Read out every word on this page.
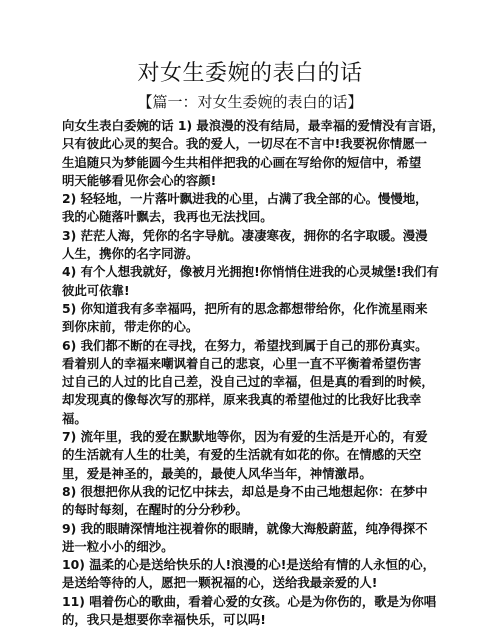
对女生委婉的表白的话
【篇一：对女生委婉的表白的话】
向女生表白委婉的话 1) 最浪漫的没有结局，最幸福的爱情没有言语，
只有彼此心灵的契合。我的爱人，一切尽在不言中!我要祝你情愿一
生追随只为梦能圆今生共相伴把我的心画在写给你的短信中，希望
明天能够看见你会心的容颜!
2) 轻轻地，一片落叶飘进我的心里，占满了我全部的心。慢慢地，
我的心随落叶飘去，我再也无法找回。
3) 茫茫人海，凭你的名字导航。凄凄寒夜，拥你的名字取暖。漫漫
人生，携你的名字同游。
4) 有个人想我就好，像被月光拥抱!你悄悄住进我的心灵城堡!我们有
彼此可依靠!
5) 你知道我有多幸福吗，把所有的思念都想带给你，化作流星雨来
到你床前，带走你的心。
6) 我们都不断的在寻找，在努力，希望找到属于自己的那份真实。
看着别人的幸福来嘲讽着自己的悲哀，心里一直不平衡着希望伤害
过自己的人过的比自己差，没自己过的幸福，但是真的看到的时候，
却发现真的像每次写的那样，原来我真的希望他过的比我好比我幸
福。
7) 流年里，我的爱在默默地等你，因为有爱的生活是开心的，有爱
的生活就有人生的壮美，有爱的生活就有如花的你。在情感的天空
里，爱是神圣的，最美的，最使人风华当年，神情激昂。
8) 很想把你从我的记忆中抹去，却总是身不由己地想起你：在梦中
的每时每刻，在醒时的分分秒秒。
9) 我的眼睛深情地注视着你的眼睛，就像大海般蔚蓝，纯净得探不
进一粒小小的细沙。
10) 温柔的心是送给快乐的人!浪漫的心!是送给有情的人永恒的心，
是送给等待的人，愿把一颗祝福的心，送给我最亲爱的人!
11) 唱着伤心的歌曲，看着心爱的女孩。心是为你伤的，歌是为你唱
的，我只是想要你幸福快乐，可以吗!
